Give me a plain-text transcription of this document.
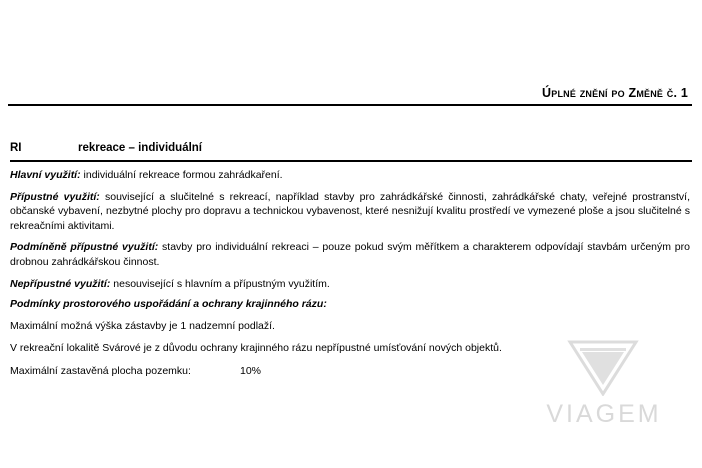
Úplné znění po Změně č. 1
RI	rekreace – individuální

Hlavní využití: individuální rekreace formou zahrádkaření.

Přípustné využití: související a slučitelné s rekreací, například stavby pro zahrádkářské činnosti, zahrádkářské chaty, veřejné prostranství, občanské vybavení, nezbytné plochy pro dopravu a technickou vybavenost, které nesnižují kvalitu prostředí ve vymezené ploše a jsou slučitelné s rekreačními aktivitami.

Podmíněně přípustné využití: stavby pro individuální rekreaci – pouze pokud svým měřítkem a charakterem odpovídají stavbám určeným pro drobnou zahrádkářskou činnost.

Nepřípustné využití: nesouvisející s hlavním a přípustným využitím.

Podmínky prostorového uspořádání a ochrany krajinného rázu:

Maximální možná výška zástavby je 1 nadzemní podlaží.

V rekreační lokalitě Svárové je z důvodu ochrany krajinného rázu nepřípustné umísťování nových objektů.

Maximální zastavěná plocha pozemku:	10%
VIAGEM
